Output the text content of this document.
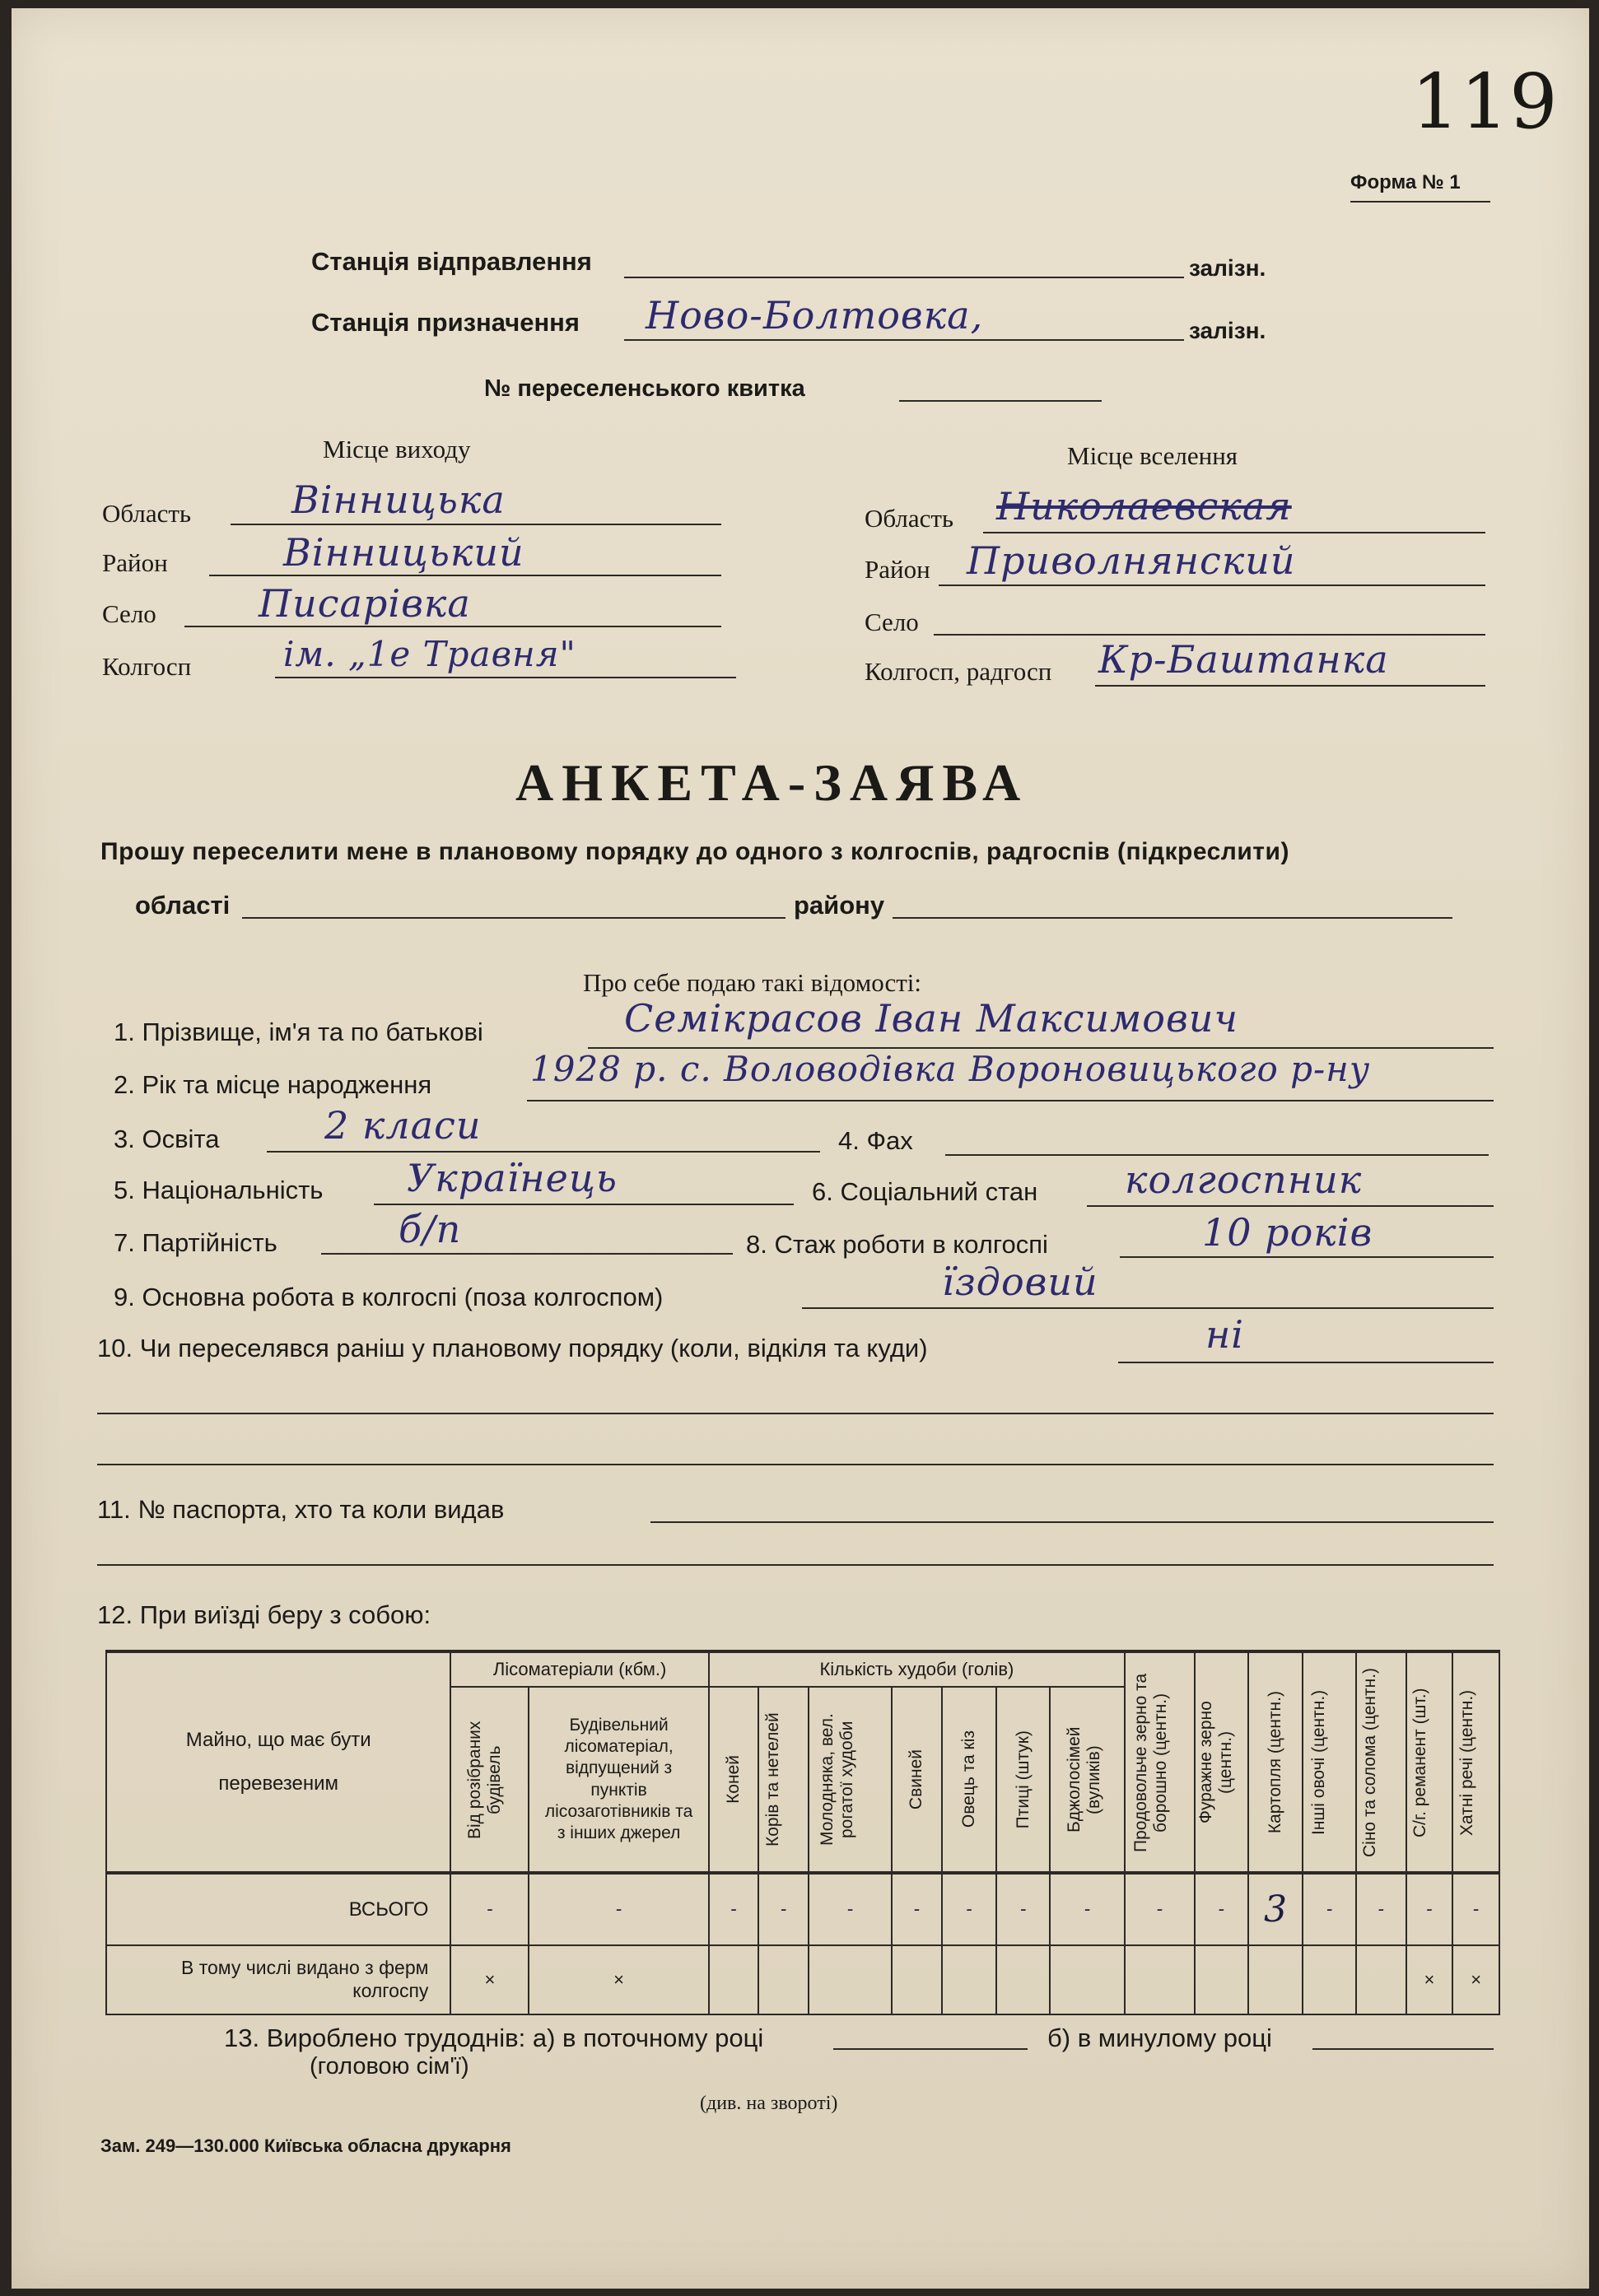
119
Форма № 1
Станція відправлення	залізн.
Станція призначення Ново-Болтовка,	залізн.
№ переселенського квитка
Місце виходу
Область	Вінницька
Район	Вінницький
Село	Писарівка
Колгосп	ім. „1е Травня"
Місце вселення
Область Николаевская
Район Приволнянский
Село
Колгосп, радгосп Кр-Баштанка
АНКЕТА-ЗАЯВА
Прошу переселити мене в плановому порядку до одного з колгоспів, радгоспів (підкреслити)
області	району
Про себе подаю такі відомості:
1. Прізвище, ім'я та по батькові	Семікрасов Іван Максимович
2. Рік та місце народження	1928 р. с. Воловодівка Вороновицького р-ну
3. Освіта	2 класи	4. Фах
5. Національність Українець	6. Соціальний стан колгоспник
7. Партійність	б/п	8. Стаж роботи в колгоспі	10 років
9. Основна робота в колгоспі (поза колгоспом)	їздовий
10. Чи переселявся раніш у плановому порядку (коли, відкіля та куди)	ні
11. № паспорта, хто та коли видав
12. При виїзді беру з собою:
Майно, що має бути перевезеним	Лісоматеріали (кбм.)		Кількість худоби (голів)							Продовольче зерно та борошно (центн.)	Фуражне зерно (центн.)	Картопля (центн.)	Інші овочі (центн.)	Сіно та солома (центн.)	С/г. реманент (шт.)	Хатні речі (центн.)

	Від розібраних будівель	Будівельний лісоматеріал, відпущений з пунктів лісозаготівників та з інших джерел	Коней	Корів та нетелей	Молодняка, вел. рогатої худоби	Свиней	Овець та кіз	Птиці (штук)	Бджолосімей (вуликів)							

ВСЬОГО	-	-	-	-	-	-	-	-	-	-	-	3	-	-	-	-
В тому числі видано з ферм колгоспу	×	×													×	×
13. Вироблено трудоднів: а) в поточному році	б) в минулому році
(головою сім'ї)
(див. на звороті)
Зам. 249—130.000 Київська обласна друкарня
